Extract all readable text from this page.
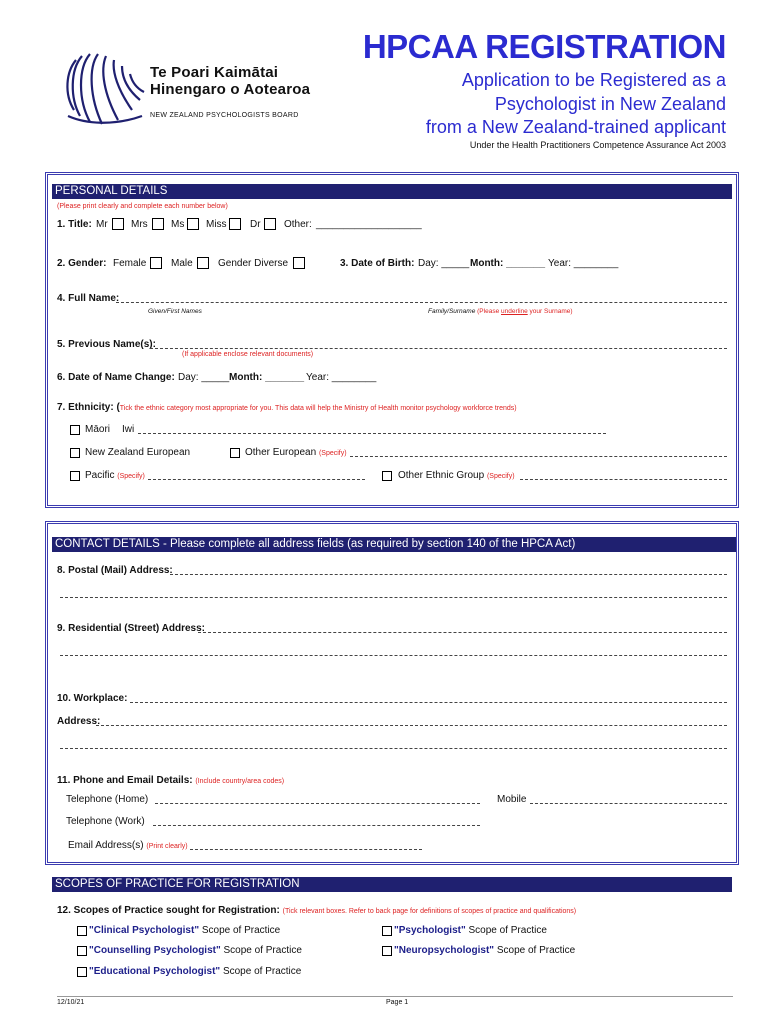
Te Poari Kaimātai
Hinengaro o Aotearoa
NEW ZEALAND PSYCHOLOGISTS BOARD
HPCAA REGISTRATION
Application to be Registered as a
Psychologist in New Zealand
from a New Zealand-trained applicant
Under the Health Practitioners Competence Assurance Act 2003
PERSONAL DETAILS
(Please print clearly and complete each number below)
1. Title: Mr Mrs Ms Miss Dr Other: ___________________
2. Gender: Female Male	Gender Diverse	3. Date of Birth: Day: _____ Month: _______ Year: ________
4. Full Name:
Given/First Names	Family/Surname (Please underline your Surname)
5. Previous Name(s):
(If applicable enclose relevant documents)
6. Date of Name Change: Day: _____ Month: _______ Year: ________
7. Ethnicity: (Tick the ethnic category most appropriate for you. This data will help the Ministry of Health monitor psychology workforce trends)
Māori Iwi
New Zealand European	Other European (Specify)
Pacific (Specify)	Other Ethnic Group (Specify)
CONTACT DETAILS - Please complete all address fields (as required by section 140 of the HPCA Act)
8. Postal (Mail) Address:
9. Residential (Street) Address:
10. Workplace:
Address:
11. Phone and Email Details: (Include country/area codes)
Telephone (Home)	Mobile
Telephone (Work)
Email Address(s) (Print clearly)
SCOPES OF PRACTICE FOR REGISTRATION
12. Scopes of Practice sought for Registration: (Tick relevant boxes. Refer to back page for definitions of scopes of practice and qualifications)
"Clinical Psychologist" Scope of Practice	"Psychologist" Scope of Practice
"Counselling Psychologist" Scope of Practice	"Neuropsychologist" Scope of Practice
"Educational Psychologist" Scope of Practice
12/10/21	Page 1
